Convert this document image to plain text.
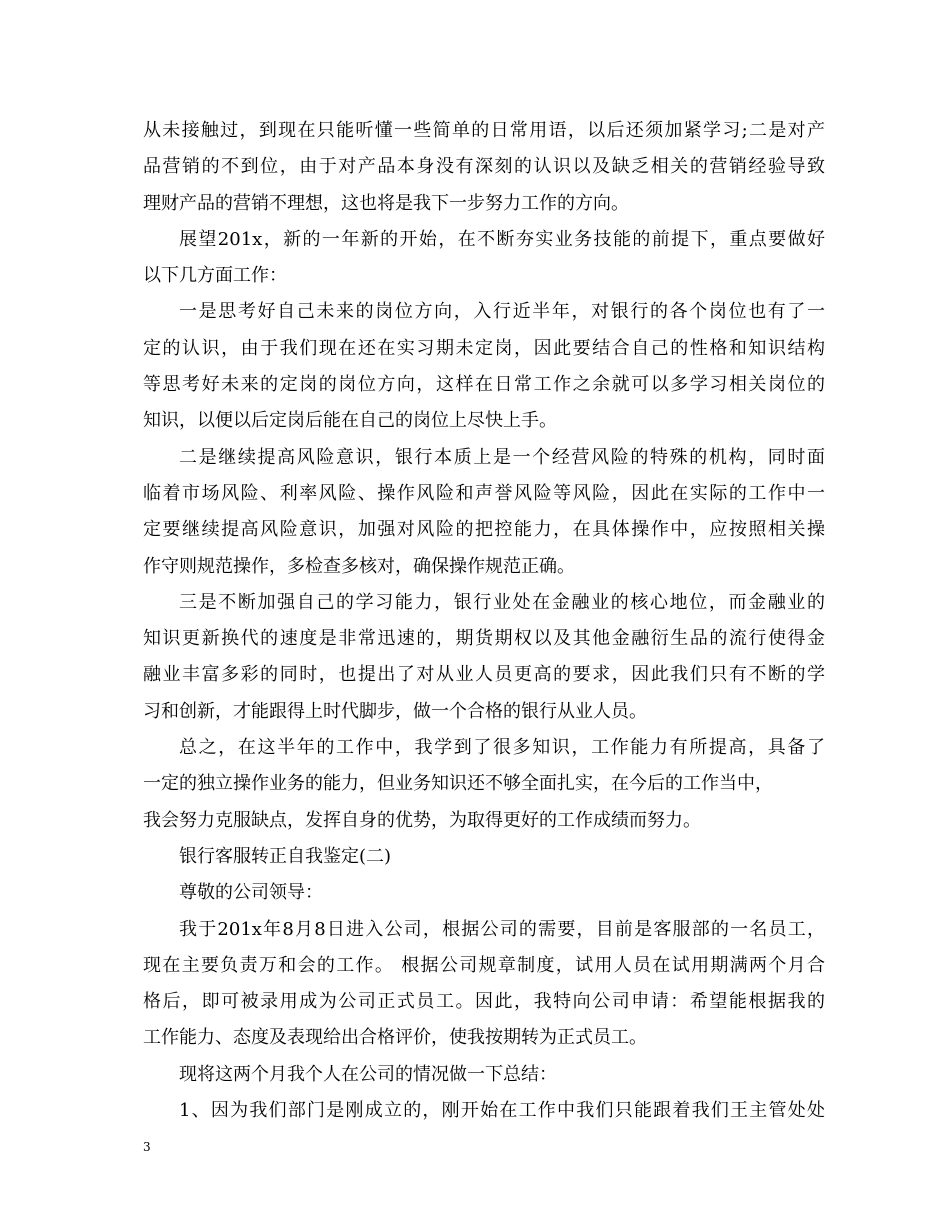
从未接触过，到现在只能听懂一些简单的日常用语，以后还须加紧学习;二是对产
品营销的不到位，由于对产品本身没有深刻的认识以及缺乏相关的营销经验导致
理财产品的营销不理想，这也将是我下一步努力工作的方向。
展望201x，新的一年新的开始，在不断夯实业务技能的前提下，重点要做好
以下几方面工作：
一是思考好自己未来的岗位方向，入行近半年，对银行的各个岗位也有了一
定的认识，由于我们现在还在实习期未定岗，因此要结合自己的性格和知识结构
等思考好未来的定岗的岗位方向，这样在日常工作之余就可以多学习相关岗位的
知识，以便以后定岗后能在自己的岗位上尽快上手。
二是继续提高风险意识，银行本质上是一个经营风险的特殊的机构，同时面
临着市场风险、利率风险、操作风险和声誉风险等风险，因此在实际的工作中一
定要继续提高风险意识，加强对风险的把控能力，在具体操作中，应按照相关操
作守则规范操作，多检查多核对，确保操作规范正确。
三是不断加强自己的学习能力，银行业处在金融业的核心地位，而金融业的
知识更新换代的速度是非常迅速的，期货期权以及其他金融衍生品的流行使得金
融业丰富多彩的同时，也提出了对从业人员更高的要求，因此我们只有不断的学
习和创新，才能跟得上时代脚步，做一个合格的银行从业人员。
总之，在这半年的工作中，我学到了很多知识，工作能力有所提高，具备了
一定的独立操作业务的能力，但业务知识还不够全面扎实，在今后的工作当中，
我会努力克服缺点，发挥自身的优势，为取得更好的工作成绩而努力。
银行客服转正自我鉴定(二)
尊敬的公司领导：
我于201x年8月8日进入公司，根据公司的需要，目前是客服部的一名员工，
现在主要负责万和会的工作。 根据公司规章制度，试用人员在试用期满两个月合
格后，即可被录用成为公司正式员工。因此，我特向公司申请：希望能根据我的
工作能力、态度及表现给出合格评价，使我按期转为正式员工。
现将这两个月我个人在公司的情况做一下总结：
1、因为我们部门是刚成立的，刚开始在工作中我们只能跟着我们王主管处处
3
